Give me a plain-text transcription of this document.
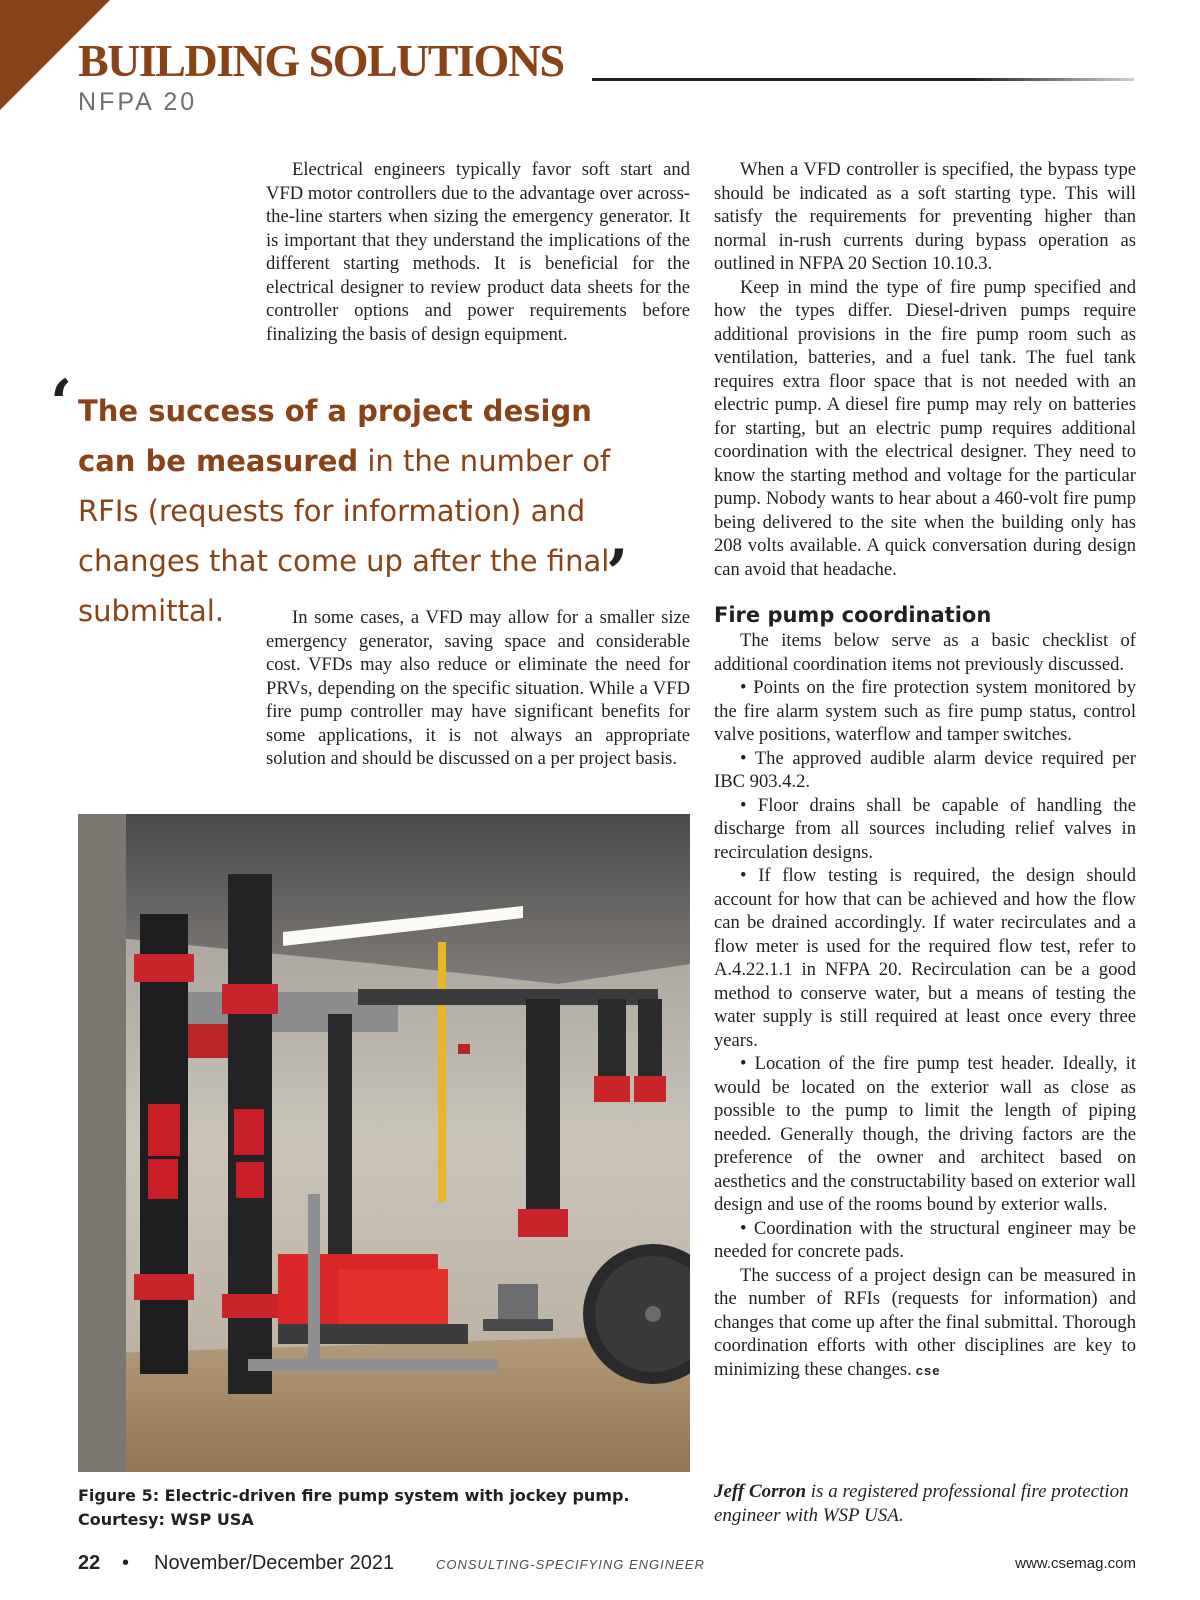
BUILDING SOLUTIONS
NFPA 20

Electrical engineers typically favor soft start and VFD motor controllers due to the advantage over across-the-line starters when sizing the emergency generator. It is important that they understand the implications of the different starting methods. It is beneficial for the electrical designer to review product data sheets for the controller options and power requirements before finalizing the basis of design equipment.

‘ The success of a project design can be measured in the number of RFIs (requests for information) and changes that come up after the final submittal.	’

In some cases, a VFD may allow for a smaller size emergency generator, saving space and considerable cost. VFDs may also reduce or eliminate the need for PRVs, depending on the specific situation. While a VFD fire pump controller may have significant benefits for some applications, it is not always an appropriate solution and should be discussed on a per project basis.

Figure 5: Electric-driven fire pump system with jockey pump.
Courtesy: WSP USA

When a VFD controller is specified, the bypass type should be indicated as a soft starting type. This will satisfy the requirements for preventing higher than normal in-rush currents during bypass operation as outlined in NFPA 20 Section 10.10.3.

Keep in mind the type of fire pump specified and how the types differ. Diesel-driven pumps require additional provisions in the fire pump room such as ventilation, batteries, and a fuel tank. The fuel tank requires extra floor space that is not needed with an electric pump. A diesel fire pump may rely on batteries for starting, but an electric pump requires additional coordination with the electrical designer. They need to know the starting method and voltage for the particular pump. Nobody wants to hear about a 460-volt fire pump being delivered to the site when the building only has 208 volts available. A quick conversation during design can avoid that headache.

Fire pump coordination

The items below serve as a basic checklist of additional coordination items not previously discussed.

• Points on the fire protection system monitored by the fire alarm system such as fire pump status, control valve positions, waterflow and tamper switches.

• The approved audible alarm device required per IBC 903.4.2.

• Floor drains shall be capable of handling the discharge from all sources including relief valves in recirculation designs.

• If flow testing is required, the design should account for how that can be achieved and how the flow can be drained accordingly. If water recirculates and a flow meter is used for the required flow test, refer to A.4.22.1.1 in NFPA 20. Recirculation can be a good method to conserve water, but a means of testing the water supply is still required at least once every three years.

• Location of the fire pump test header. Ideally, it would be located on the exterior wall as close as possible to the pump to limit the length of piping needed. Generally though, the driving factors are the preference of the owner and architect based on aesthetics and the constructability based on exterior wall design and use of the rooms bound by exterior walls.

• Coordination with the structural engineer may be needed for concrete pads.

The success of a project design can be measured in the number of RFIs (requests for information) and changes that come up after the final submittal. Thorough coordination efforts with other disciplines are key to minimizing these changes. cse

Jeff Corron is a registered professional fire protection engineer with WSP USA.
22 • November/December 2021	CONSULTING-SPECIFYING ENGINEER	www.csemag.com
